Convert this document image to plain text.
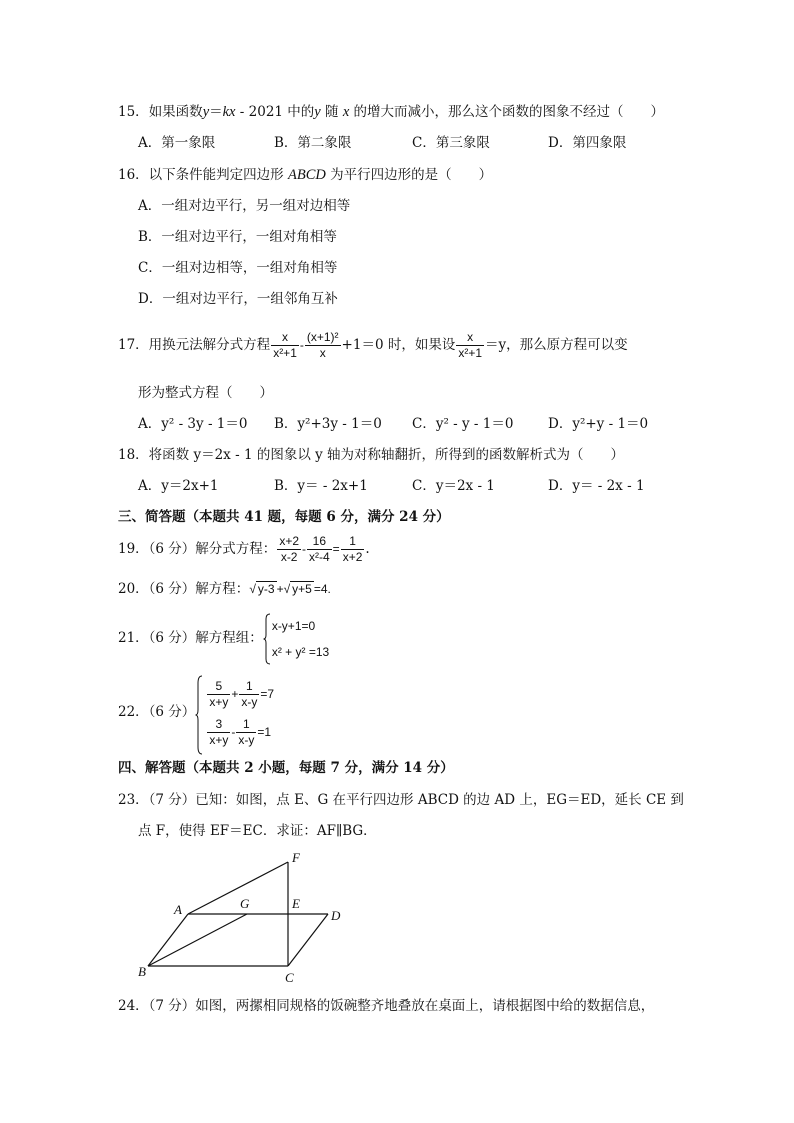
15．如果函数y＝kx - 2021 中的y 随 x 的增大而减小，那么这个函数的图象不经过（　　）
A．第一象限	B．第二象限	C．第三象限	D．第四象限
16．以下条件能判定四边形 ABCD 为平行四边形的是（　　）
A．一组对边平行，另一组对边相等
B．一组对边平行，一组对角相等
C．一组对边相等，一组对角相等
D．一组对边平行，一组邻角互补
17．用换元法解分式方程 $\frac{x}{\text{x²+1}} - \frac{\text{(x+1)²}}{x} +1=0$ 时，如果设 $\frac{x}{\text{x²+1}} =y$，那么原方程可以变
形为整式方程（　　）
A．y² - 3y - 1＝0 B．y²+3y - 1＝0 C．y² - y - 1＝0	D．y²+y - 1＝0
18．将函数 y＝2x - 1 的图象以 y 轴为对称轴翻折，所得到的函数解析式为（　　）
A．y＝2x+1	B．y＝ - 2x+1	C．y＝2x - 1	D．y＝ - 2x - 1
三、简答题（本题共 41 题，每题 6 分，满分 24 分）
19．（6 分）解分式方程： $\frac{x+2}{x-2} - \frac{16}{\text{x²-4}} = \frac{1}{x+2}$ .
20．（6 分）解方程：√ y-3 +√ y+5 =4.
21．（6 分）解方程组：
x-y+1=0
x² + y² =13
22．（6 分）
$\frac{5}{x+y} + \frac{1}{x-y} =7$
$\frac{3}{x+y} - \frac{1}{x-y} =1$
四、解答题（本题共 2 小题，每题 7 分，满分 14 分）
23．（7 分）已知：如图，点 E、G 在平行四边形 ABCD 的边 AD 上，EG＝ED，延长 CE 到
点 F，使得 EF＝EC．求证：AF∥BG．
A	G	E
D
F
B	C
24．（7 分）如图，两摞相同规格的饭碗整齐地叠放在桌面上，请根据图中给的数据信息，
